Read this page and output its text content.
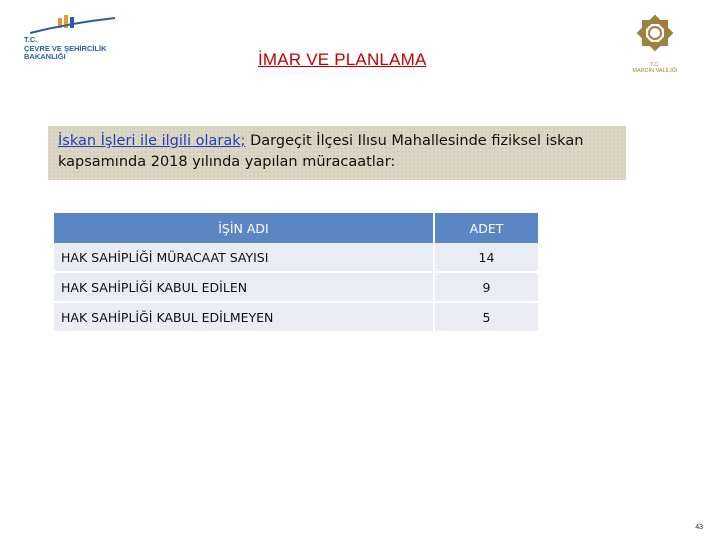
T.C.
ÇEVRE VE ŞEHİRCİLİK
BAKANLIĞI	İMAR VE PLANLAMA	T.C.
MARDİN VALİLİĞİ
İskan İşleri ile ilgili olarak; Dargeçit İlçesi Ilısu Mahallesinde fiziksel iskan kapsamında 2018 yılında yapılan müracaatlar:
İŞİN ADI	ADET
HAK SAHİPLİĞİ MÜRACAAT SAYISI	14
HAK SAHİPLİĞİ KABUL EDİLEN	9
HAK SAHİPLİĞİ KABUL EDİLMEYEN	5
43
